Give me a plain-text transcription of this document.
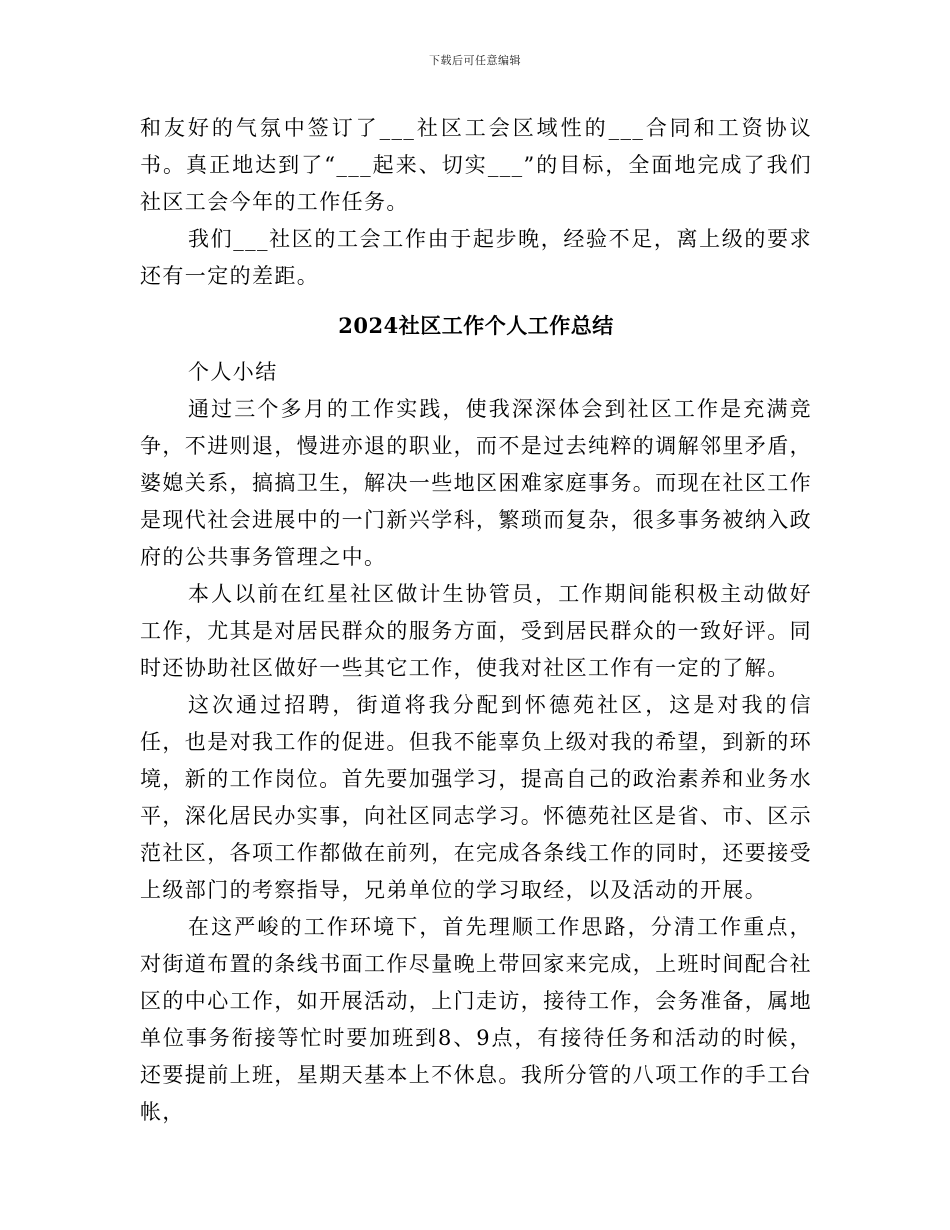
下载后可任意编辑

和友好的气氛中签订了___社区工会区域性的___合同和工资协议书。真正地达到了“___起来、切实___”的目标，全面地完成了我们社区工会今年的工作任务。

我们___社区的工会工作由于起步晚，经验不足，离上级的要求还有一定的差距。

2024社区工作个人工作总结

个人小结

通过三个多月的工作实践，使我深深体会到社区工作是充满竞争，不进则退，慢进亦退的职业，而不是过去纯粹的调解邻里矛盾，婆媳关系，搞搞卫生，解决一些地区困难家庭事务。而现在社区工作是现代社会进展中的一门新兴学科，繁琐而复杂，很多事务被纳入政府的公共事务管理之中。

本人以前在红星社区做计生协管员，工作期间能积极主动做好工作，尤其是对居民群众的服务方面，受到居民群众的一致好评。同时还协助社区做好一些其它工作，使我对社区工作有一定的了解。

这次通过招聘，街道将我分配到怀德苑社区，这是对我的信任，也是对我工作的促进。但我不能辜负上级对我的希望，到新的环境，新的工作岗位。首先要加强学习，提高自己的政治素养和业务水平，深化居民办实事，向社区同志学习。怀德苑社区是省、市、区示范社区，各项工作都做在前列，在完成各条线工作的同时，还要接受上级部门的考察指导，兄弟单位的学习取经，以及活动的开展。

在这严峻的工作环境下，首先理顺工作思路，分清工作重点，对街道布置的条线书面工作尽量晚上带回家来完成，上班时间配合社区的中心工作，如开展活动，上门走访，接待工作，会务准备，属地单位事务衔接等忙时要加班到8、9点，有接待任务和活动的时候，还要提前上班，星期天基本上不休息。我所分管的八项工作的手工台帐，
